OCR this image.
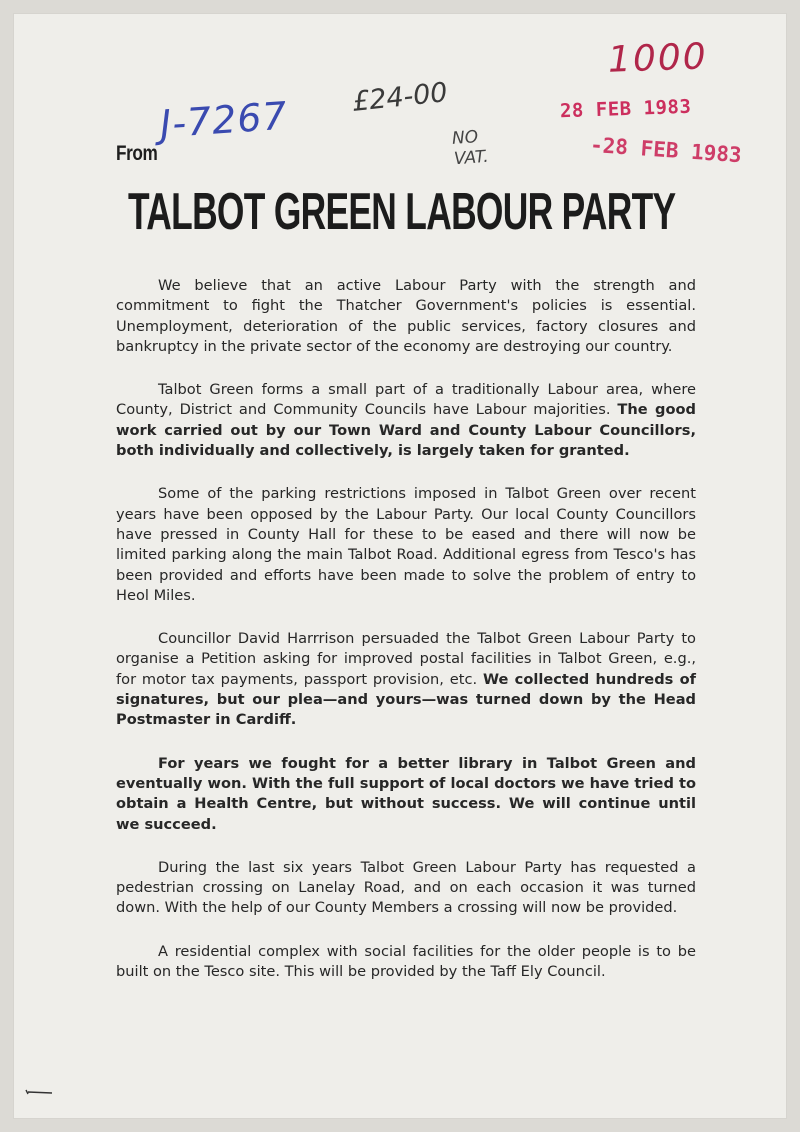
1000
£24-00
J-7267	NO
VAT.
28 FEB 1983
-28 FEB 1983
From
TALBOT GREEN LABOUR PARTY

We believe that an active Labour Party with the strength and commitment to fight the Thatcher Government's policies is essential. Unemployment, deterioration of the public services, factory closures and bankruptcy in the private sector of the economy are destroying our country.

Talbot Green forms a small part of a traditionally Labour area, where County, District and Community Councils have Labour majorities. The good work carried out by our Town Ward and County Labour Councillors, both individually and collectively, is largely taken for granted.

Some of the parking restrictions imposed in Talbot Green over recent years have been opposed by the Labour Party. Our local County Councillors have pressed in County Hall for these to be eased and there will now be limited parking along the main Talbot Road. Additional egress from Tesco's has been provided and efforts have been made to solve the problem of entry to Heol Miles.

Councillor David Harrrison persuaded the Talbot Green Labour Party to organise a Petition asking for improved postal facilities in Talbot Green, e.g., for motor tax payments, passport provision, etc. We collected hundreds of signatures, but our plea—and yours—was turned down by the Head Postmaster in Cardiff.

For years we fought for a better library in Talbot Green and eventually won. With the full support of local doctors we have tried to obtain a Health Centre, but without success. We will continue until we succeed.

During the last six years Talbot Green Labour Party has requested a pedestrian crossing on Lanelay Road, and on each occasion it was turned down. With the help of our County Members a crossing will now be provided.

A residential complex with social facilities for the older people is to be built on the Tesco site. This will be provided by the Taff Ely Council.
